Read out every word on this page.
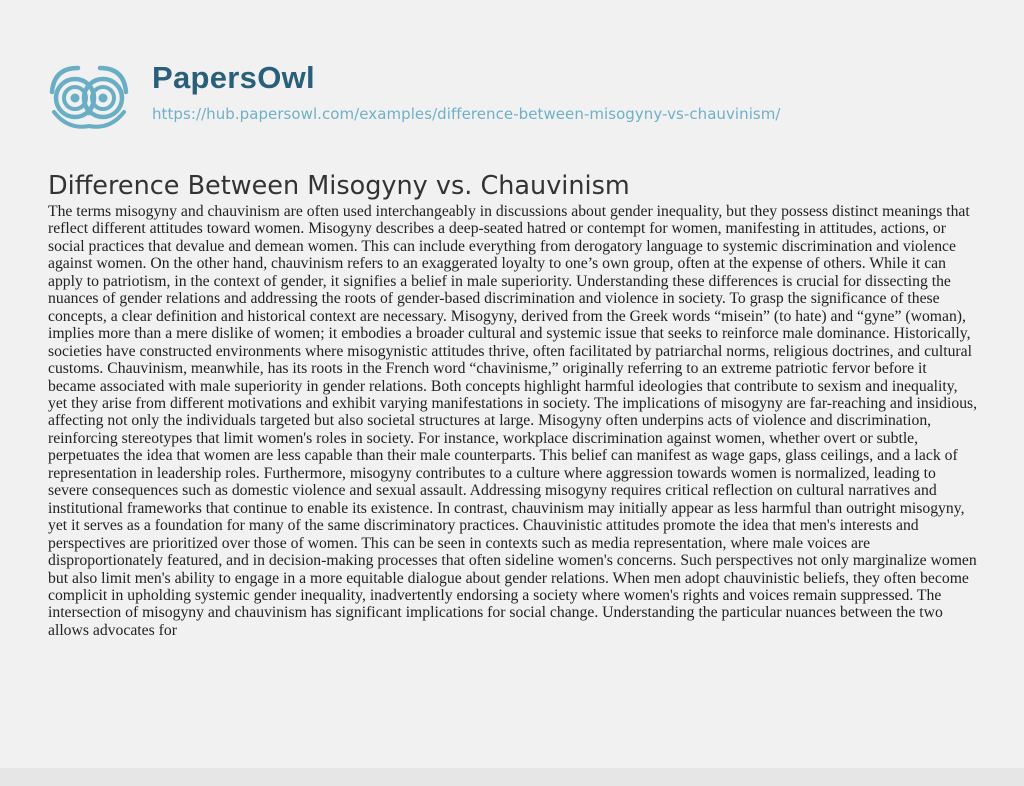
PapersOwl
https://hub.papersowl.com/examples/difference-between-misogyny-vs-chauvinism/
Difference Between Misogyny vs. Chauvinism

The terms misogyny and chauvinism are often used interchangeably in discussions about gender inequality, but they possess distinct meanings that reflect different attitudes toward women. Misogyny describes a deep-seated hatred or contempt for women, manifesting in attitudes, actions, or social practices that devalue and demean women. This can include everything from derogatory language to systemic discrimination and violence against women. On the other hand, chauvinism refers to an exaggerated loyalty to one’s own group, often at the expense of others. While it can apply to patriotism, in the context of gender, it signifies a belief in male superiority. Understanding these differences is crucial for dissecting the nuances of gender relations and addressing the roots of gender-based discrimination and violence in society. To grasp the significance of these concepts, a clear definition and historical context are necessary. Misogyny, derived from the Greek words “misein” (to hate) and “gyne” (woman), implies more than a mere dislike of women; it embodies a broader cultural and systemic issue that seeks to reinforce male dominance. Historically, societies have constructed environments where misogynistic attitudes thrive, often facilitated by patriarchal norms, religious doctrines, and cultural customs. Chauvinism, meanwhile, has its roots in the French word “chavinisme,” originally referring to an extreme patriotic fervor before it became associated with male superiority in gender relations. Both concepts highlight harmful ideologies that contribute to sexism and inequality, yet they arise from different motivations and exhibit varying manifestations in society. The implications of misogyny are far-reaching and insidious, affecting not only the individuals targeted but also societal structures at large. Misogyny often underpins acts of violence and discrimination, reinforcing stereotypes that limit women's roles in society. For instance, workplace discrimination against women, whether overt or subtle, perpetuates the idea that women are less capable than their male counterparts. This belief can manifest as wage gaps, glass ceilings, and a lack of representation in leadership roles. Furthermore, misogyny contributes to a culture where aggression towards women is normalized, leading to severe consequences such as domestic violence and sexual assault. Addressing misogyny requires critical reflection on cultural narratives and institutional frameworks that continue to enable its existence. In contrast, chauvinism may initially appear as less harmful than outright misogyny, yet it serves as a foundation for many of the same discriminatory practices. Chauvinistic attitudes promote the idea that men's interests and perspectives are prioritized over those of women. This can be seen in contexts such as media representation, where male voices are disproportionately featured, and in decision-making processes that often sideline women's concerns. Such perspectives not only marginalize women but also limit men's ability to engage in a more equitable dialogue about gender relations. When men adopt chauvinistic beliefs, they often become complicit in upholding systemic gender inequality, inadvertently endorsing a society where women's rights and voices remain suppressed. The intersection of misogyny and chauvinism has significant implications for social change. Understanding the particular nuances between the two allows advocates for
